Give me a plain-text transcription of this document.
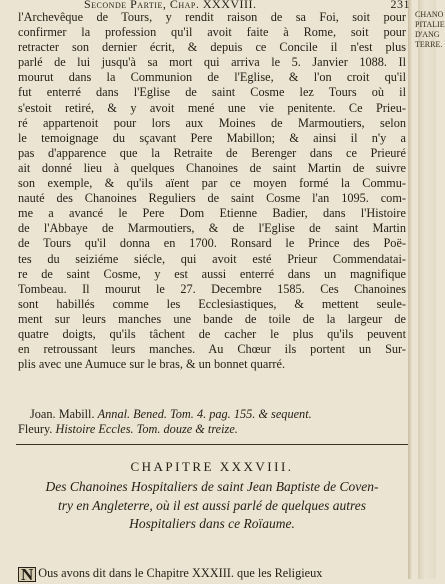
Seconde Partie, Chap. XXXVIII.	231
CHANO
PITALIE
D'ANG
TERRE.
l'Archevêque de Tours, y rendit raison de sa Foi, soit pour
confirmer la profession qu'il avoit faite à Rome, soit pour
retracter son dernier écrit, & depuis ce Concile il n'est plus
parlé de lui jusqu'à sa mort qui arriva le 5. Janvier 1088. Il
mourut dans la Communion de l'Eglise, & l'on croit qu'il
fut enterré dans l'Eglise de saint Cosme lez Tours où il
s'estoit retiré, & y avoit mené une vie penitente. Ce Prieu-
ré appartenoit pour lors aux Moines de Marmoutiers, selon
le temoignage du sçavant Pere Mabillon; & ainsi il n'y a
pas d'apparence que la Retraite de Berenger dans ce Prieuré
ait donné lieu à quelques Chanoines de saint Martin de suivre
son exemple, & qu'ils aïent par ce moyen formé la Commu-
nauté des Chanoines Reguliers de saint Cosme l'an 1095. com-
me a avancé le Pere Dom Etienne Badier, dans l'Histoire
de l'Abbaye de Marmoutiers, & de l'Eglise de saint Martin
de Tours qu'il donna en 1700. Ronsard le Prince des Poë-
tes du seiziéme siécle, qui avoit esté Prieur Commendatai-
re de saint Cosme, y est aussi enterré dans un magnifique
Tombeau. Il mourut le 27. Decembre 1585. Ces Chanoines
sont habillés comme les Ecclesiastiques, & mettent seule-
ment sur leurs manches une bande de toile de la largeur de
quatre doigts, qu'ils tâchent de cacher le plus qu'ils peuvent
en retroussant leurs manches. Au Chœur ils portent un Sur-
plis avec une Aumuce sur le bras, & un bonnet quarré.
Joan. Mabill. Annal. Bened. Tom. 4. pag. 155. & sequent.
Fleury. Histoire Eccles. Tom. douze & treize.
CHAPITRE XXXVIII.
Des Chanoines Hospitaliers de saint Jean Baptiste de Coven-
try en Angleterre, où il est aussi parlé de quelques autres
Hospitaliers dans ce Roïaume.
N Ous avons dit dans le Chapitre XXXIII. que les Religieux
